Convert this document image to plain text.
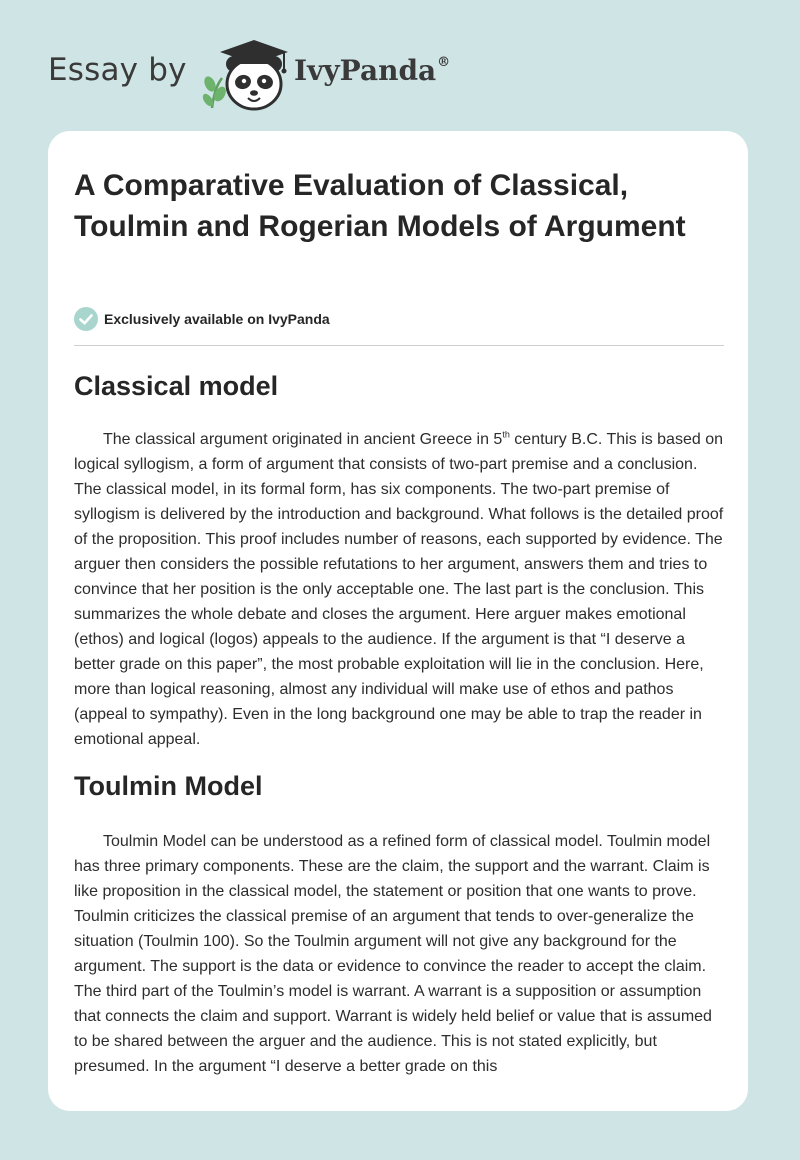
Essay by	IvyPanda®
A Comparative Evaluation of Classical, Toulmin and Rogerian Models of Argument
Exclusively available on IvyPanda
Classical model

The classical argument originated in ancient Greece in 5th century B.C. This is based on logical syllogism, a form of argument that consists of two-part premise and a conclusion. The classical model, in its formal form, has six components. The two-part premise of syllogism is delivered by the introduction and background. What follows is the detailed proof of the proposition. This proof includes number of reasons, each supported by evidence. The arguer then considers the possible refutations to her argument, answers them and tries to convince that her position is the only acceptable one. The last part is the conclusion. This summarizes the whole debate and closes the argument. Here arguer makes emotional (ethos) and logical (logos) appeals to the audience. If the argument is that “I deserve a better grade on this paper”, the most probable exploitation will lie in the conclusion. Here, more than logical reasoning, almost any individual will make use of ethos and pathos (appeal to sympathy). Even in the long background one may be able to trap the reader in emotional appeal.

Toulmin Model

Toulmin Model can be understood as a refined form of classical model. Toulmin model has three primary components. These are the claim, the support and the warrant. Claim is like proposition in the classical model, the statement or position that one wants to prove. Toulmin criticizes the classical premise of an argument that tends to over-generalize the situation (Toulmin 100). So the Toulmin argument will not give any background for the argument. The support is the data or evidence to convince the reader to accept the claim. The third part of the Toulmin’s model is warrant. A warrant is a supposition or assumption that connects the claim and support. Warrant is widely held belief or value that is assumed to be shared between the arguer and the audience. This is not stated explicitly, but presumed. In the argument “I deserve a better grade on this
